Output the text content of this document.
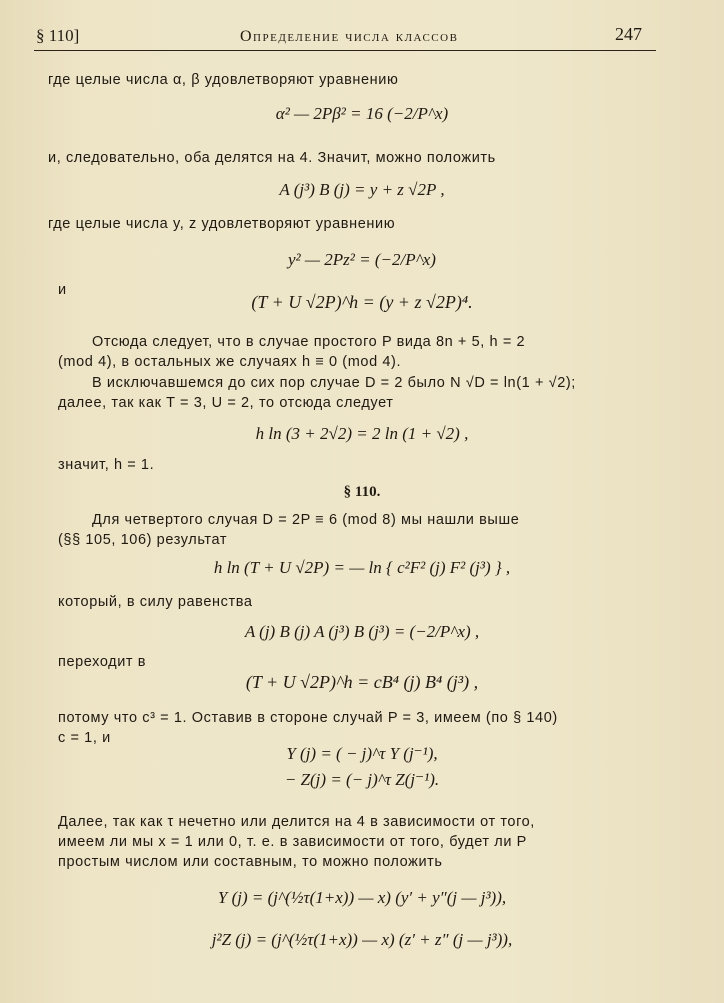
§ 110]	Определение числа классов	247
где целые числа α, β удовлетворяют уравнению
α² — 2Pβ² = 16 (−2/P^x)
и, следовательно, оба делятся на 4. Значит, можно положить
A (j³) B (j) = y + z √2P ,
где целые числа y, z удовлетворяют уравнению
y² — 2Pz² = (−2/P^x)
и
(T + U √2P)^h = (y + z √2P)⁴.
Отсюда следует, что в случае простого P вида 8n + 5, h = 2
(mod 4), в остальных же случаях h ≡ 0 (mod 4).
В исключавшемся до сих пор случае D = 2 было N √D = ln(1 + √2);
далее, так как T = 3, U = 2, то отсюда следует
h ln (3 + 2√2) = 2 ln (1 + √2) ,
значит, h = 1.
§ 110.
Для четвертого случая D = 2P ≡ 6 (mod 8) мы нашли выше
(§§ 105, 106) результат
h ln (T + U √2P) = — ln { c²F² (j) F² (j³) } ,
который, в силу равенства
A (j) B (j) A (j³) B (j³) = (−2/P^x) ,
переходит в
(T + U √2P)^h = cB⁴ (j) B⁴ (j³) ,
потому что c³ = 1. Оставив в стороне случай P = 3, имеем (по § 140)
c = 1, и
Y (j) = ( − j)^τ Y (j⁻¹),
− Z(j) = (− j)^τ Z(j⁻¹).
Далее, так как τ нечетно или делится на 4 в зависимости от того,
имеем ли мы x = 1 или 0, т. е. в зависимости от того, будет ли P
простым числом или составным, то можно положить
Y (j) = (j^(½τ(1+x)) — x) (y′ + y″(j — j³)),
j²Z (j) = (j^(½τ(1+x)) — x) (z′ + z″ (j — j³)),
